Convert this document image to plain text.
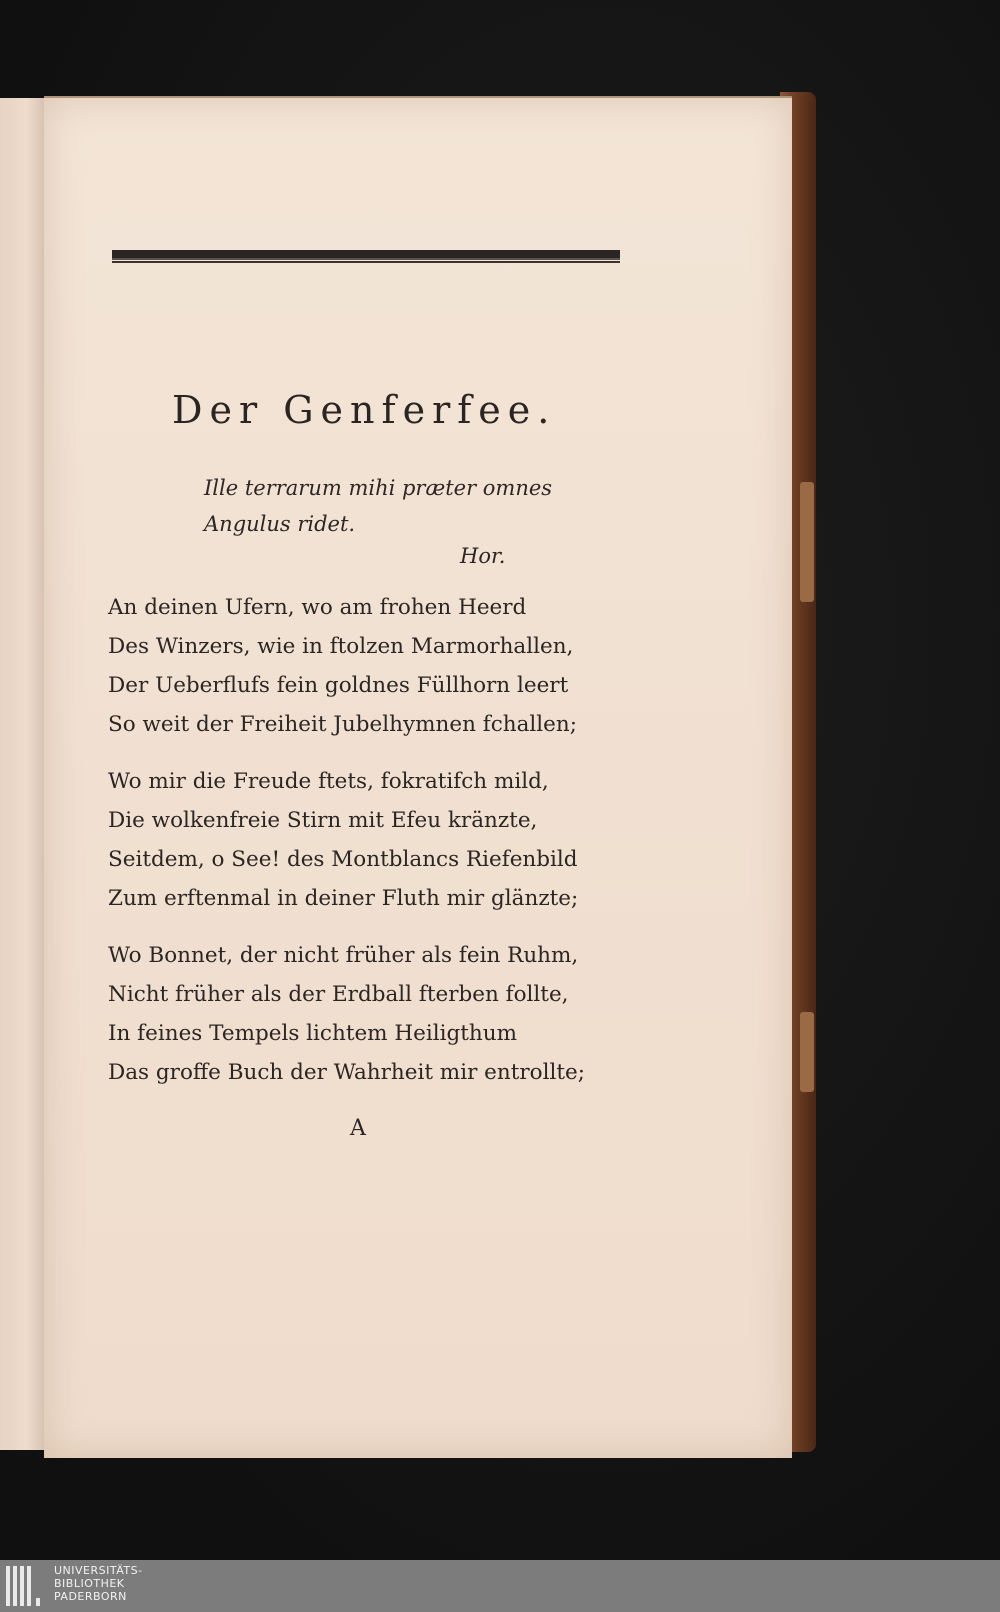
Der Genferfee.
Ille terrarum mihi præter omnes
Angulus ridet.
Hor.
An deinen Ufern, wo am frohen Heerd
Des Winzers, wie in ftolzen Marmorhallen,
Der Ueberflufs fein goldnes Füllhorn leert
So weit der Freiheit Jubelhymnen fchallen;
Wo mir die Freude ftets, fokratifch mild,
Die wolkenfreie Stirn mit Efeu kränzte,
Seitdem, o See! des Montblancs Riefenbild
Zum erftenmal in deiner Fluth mir glänzte;
Wo Bonnet, der nicht früher als fein Ruhm,
Nicht früher als der Erdball fterben follte,
In feines Tempels lichtem Heiligthum
Das groffe Buch der Wahrheit mir entrollte;
A
UNIVERSITÄTS-
BIBLIOTHEK
PADERBORN
